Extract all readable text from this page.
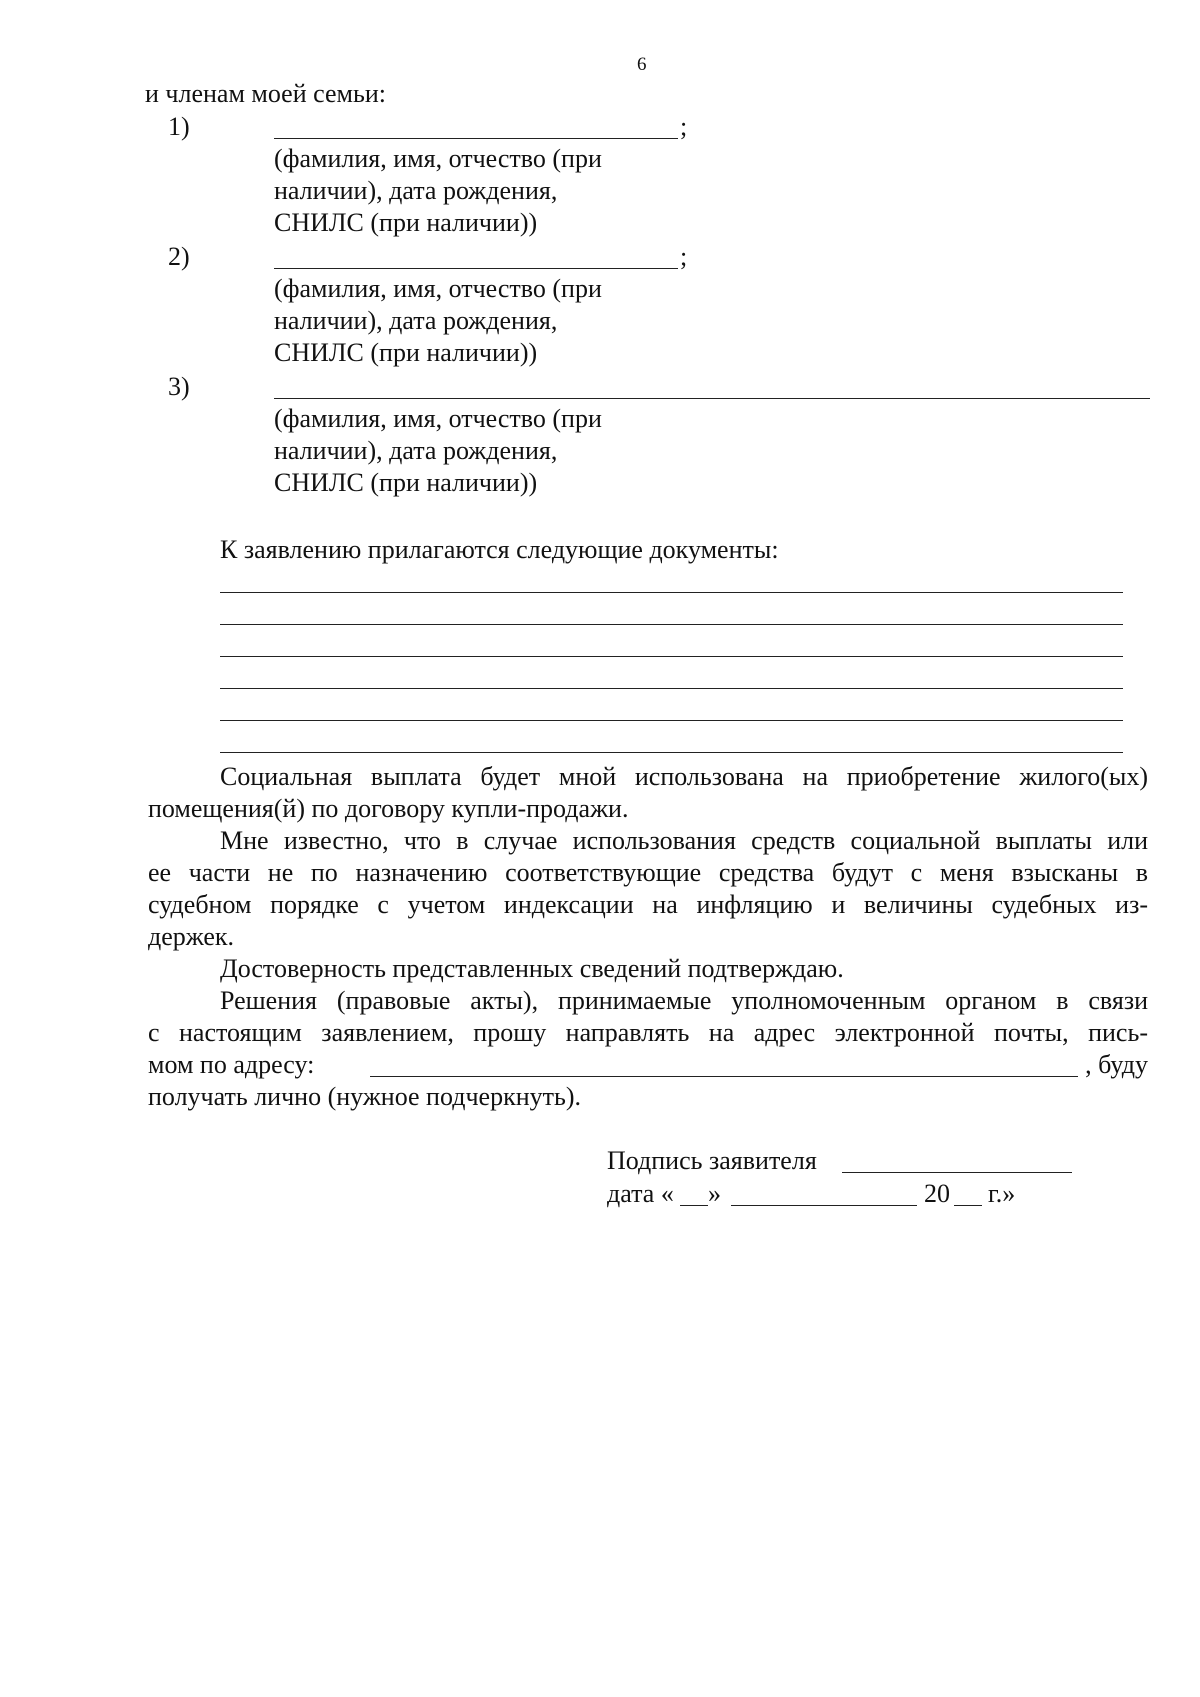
6
и членам моей семьи:
1)	;
(фамилия, имя, отчество (при
наличии), дата рождения,
СНИЛС (при наличии))
2)	;
(фамилия, имя, отчество (при
наличии), дата рождения,
СНИЛС (при наличии))
3)
(фамилия, имя, отчество (при
наличии), дата рождения,
СНИЛС (при наличии))
К заявлению прилагаются следующие документы:
Социальная выплата будет мной использована на приобретение жилого(ых)
помещения(й) по договору купли-продажи.
Мне известно, что в случае использования средств социальной выплаты или
ее части не по назначению соответствующие средства будут с меня взысканы в
судебном порядке с учетом индексации на инфляцию и величины судебных из-
держек.
Достоверность представленных сведений подтверждаю.
Решения (правовые акты), принимаемые уполномоченным органом в связи
с настоящим заявлением, прошу направлять на адрес электронной почты, пись-
мом по адресу:	, буду
получать лично (нужное подчеркнуть).
Подпись заявителя
дата « »	20 г.»
